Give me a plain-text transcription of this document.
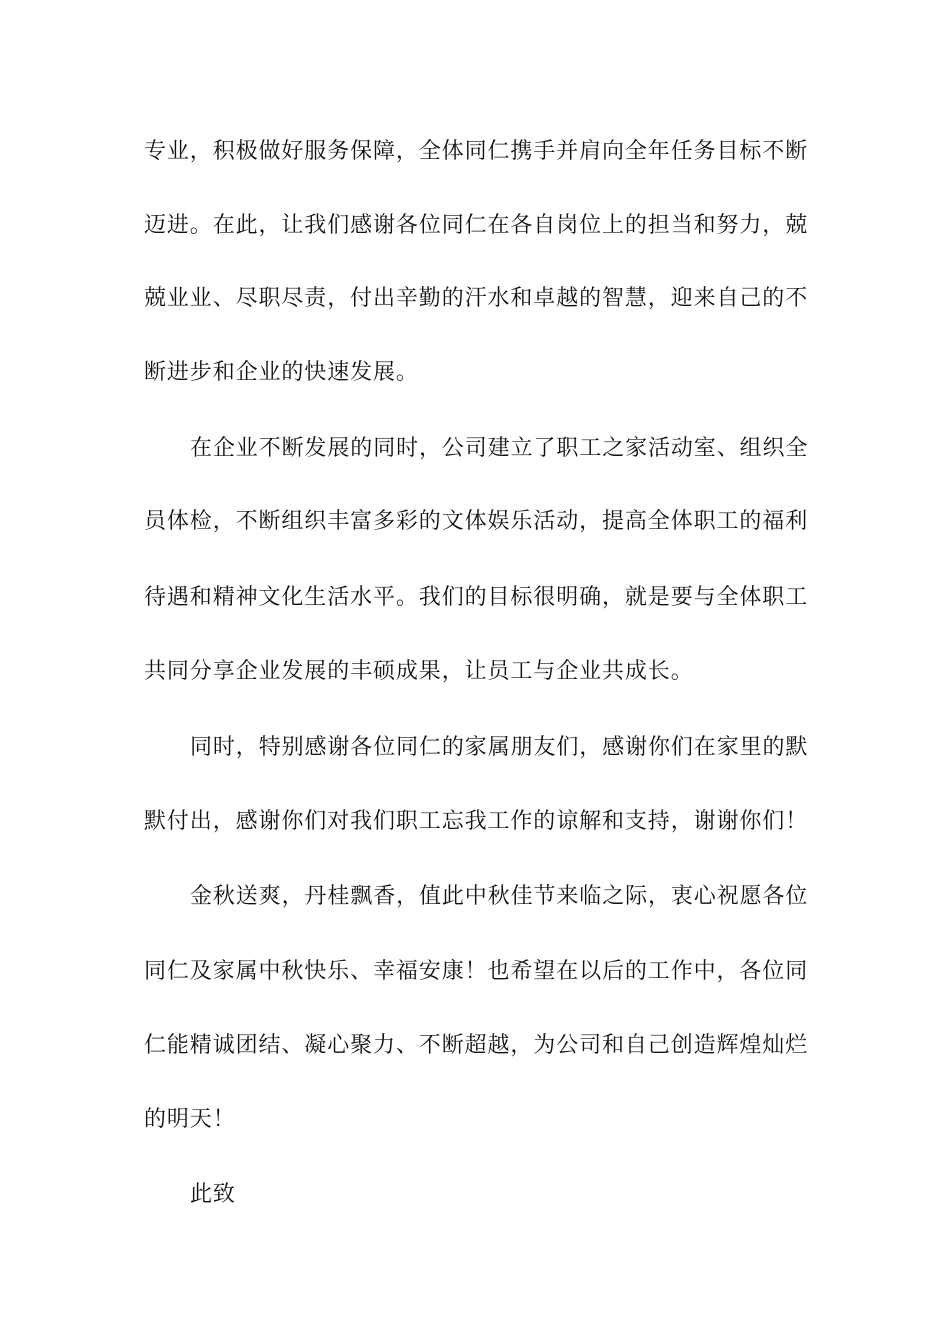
专业，积极做好服务保障，全体同仁携手并肩向全年任务目标不断
迈进。在此，让我们感谢各位同仁在各自岗位上的担当和努力，兢
兢业业、尽职尽责，付出辛勤的汗水和卓越的智慧，迎来自己的不
断进步和企业的快速发展。
在企业不断发展的同时，公司建立了职工之家活动室、组织全
员体检，不断组织丰富多彩的文体娱乐活动，提高全体职工的福利
待遇和精神文化生活水平。我们的目标很明确，就是要与全体职工
共同分享企业发展的丰硕成果，让员工与企业共成长。
同时，特别感谢各位同仁的家属朋友们，感谢你们在家里的默
默付出，感谢你们对我们职工忘我工作的谅解和支持，谢谢你们！
金秋送爽，丹桂飘香，值此中秋佳节来临之际，衷心祝愿各位
同仁及家属中秋快乐、幸福安康！也希望在以后的工作中，各位同
仁能精诚团结、凝心聚力、不断超越，为公司和自己创造辉煌灿烂
的明天！
此致
